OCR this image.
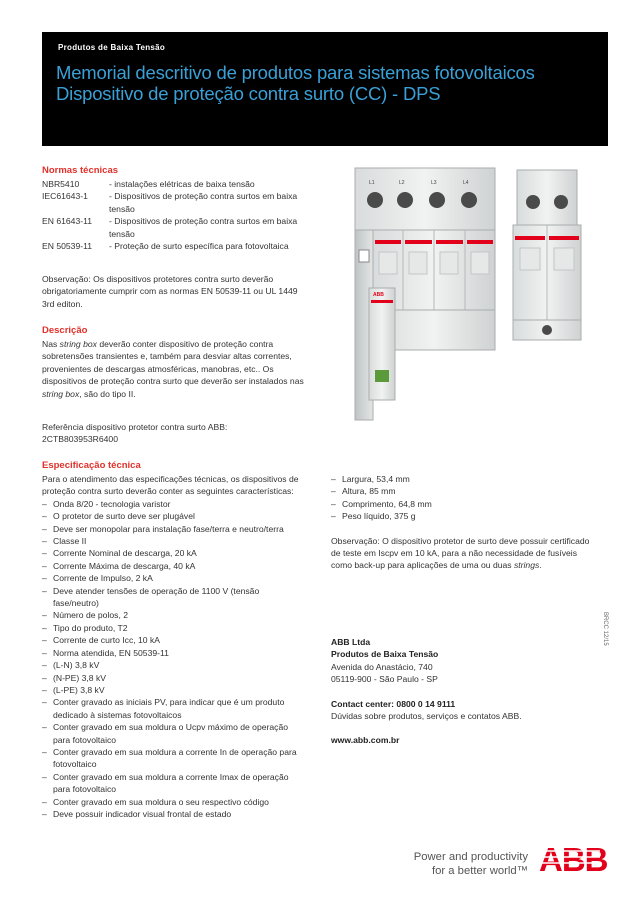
Produtos de Baixa Tensão
Memorial descritivo de produtos para sistemas fotovoltaicos
Dispositivo de proteção contra surto (CC) - DPS
Normas técnicas
NBR5410	- instalações elétricas de baixa tensão
IEC61643-1	- Dispositivos de proteção contra surtos em baixa tensão
EN 61643-11	- Dispositivos de proteção contra surtos em baixa tensão
EN 50539-11	- Proteção de surto específica para fotovoltaica
Observação: Os dispositivos protetores contra surto deverão obrigatoriamente cumprir com as normas EN 50539-11 ou UL 1449 3rd editon.
Descrição
Nas string box deverão conter dispositivo de proteção contra sobretensões transientes e, também para desviar altas correntes, provenientes de descargas atmosféricas, manobras, etc.. Os dispositivos de proteção contra surto que deverão ser instalados nas string box, são do tipo II.
Referência dispositivo protetor contra surto ABB:
2CTB803953R6400
Especificação técnica

Para o atendimento das especificações técnicas, os dispositivos de proteção contra surto deverão conter as seguintes características:

– Onda 8/20 - tecnologia varistor
– O protetor de surto deve ser plugável
– Deve ser monopolar para instalação fase/terra e neutro/terra
– Classe II
– Corrente Nominal de descarga, 20 kA
– Corrente Máxima de descarga, 40 kA
– Corrente de Impulso, 2 kA
– Deve atender tensões de operação de 1100 V (tensão fase/neutro)
– Número de polos, 2
– Tipo do produto, T2
– Corrente de curto Icc, 10 kA
– Norma atendida, EN 50539-11
– (L-N) 3,8 kV
– (N-PE) 3,8 kV
– (L-PE) 3,8 kV
– Conter gravado as iniciais PV, para indicar que é um produto dedicado à sistemas fotovoltaicos
– Conter gravado em sua moldura o Ucpv máximo de operação para fotovoltaico
– Conter gravado em sua moldura a corrente In de operação para fotovoltaico
– Conter gravado em sua moldura a corrente Imax de operação para fotovoltaico
– Conter gravado em sua moldura o seu respectivo código
– Deve possuir indicador visual frontal de estado
– Largura, 53,4 mm
– Altura, 85 mm
– Comprimento, 64,8 mm
– Peso líquido, 375 g

Observação: O dispositivo protetor de surto deve possuir certificado de teste em Iscpv em 10 kA, para a não necessidade de fusíveis como back-up para aplicações de uma ou duas strings.

ABB Ltda
Produtos de Baixa Tensão
Avenida do Anastácio, 740
05119-900 - São Paulo - SP
Contact center: 0800 0 14 9111
Dúvidas sobre produtos, serviços e contatos ABB.
www.abb.com.br
BRCC 12/15
L1	L2	L3	L4
ABB
Power and productivity
for a better world™ ABB
